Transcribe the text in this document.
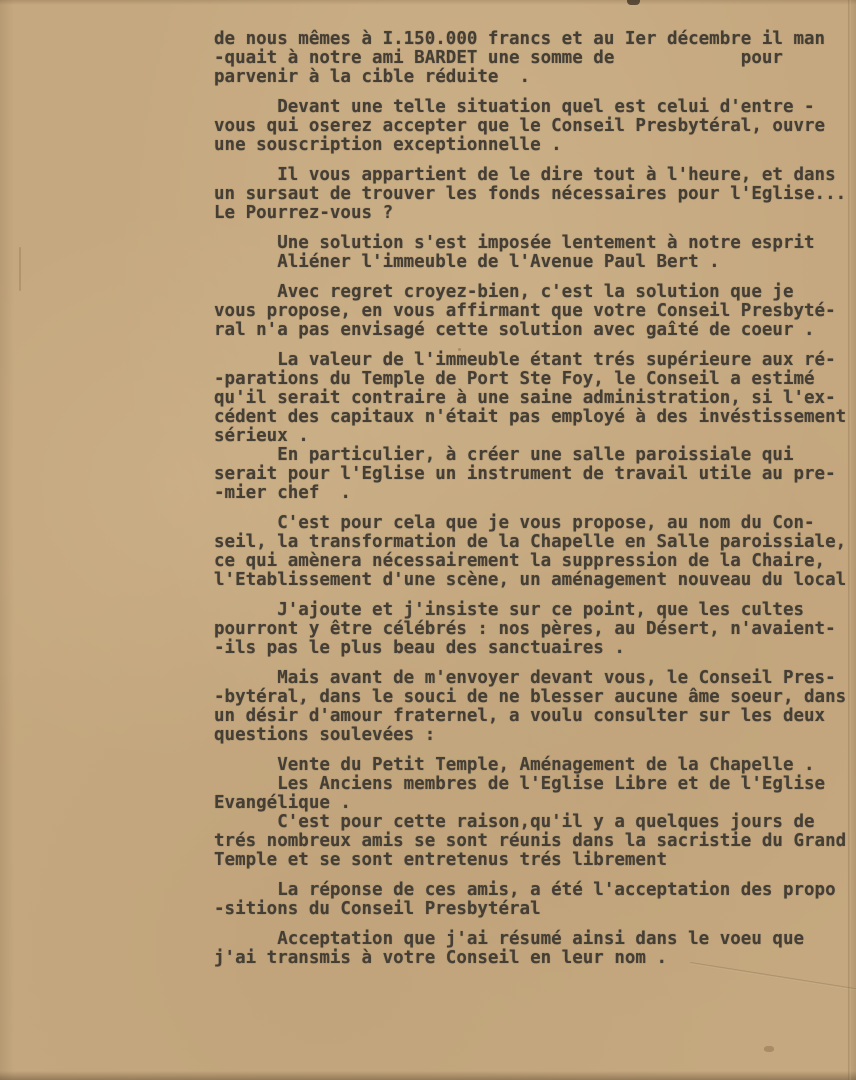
de nous mêmes à I.150.000 francs et au Ier décembre il man
-quait à notre ami BARDET une somme de            pour
parvenir à la cible réduite  .
Devant une telle situation quel est celui d'entre -
vous qui oserez accepter que le Conseil Presbytéral, ouvre
une souscription exceptionnelle .
Il vous appartient de le dire tout à l'heure, et dans
un sursaut de trouver les fonds nécessaires pour l'Eglise...
Le Pourrez-vous ?
Une solution s'est imposée lentement à notre esprit
Aliéner l'immeuble de l'Avenue Paul Bert .
Avec regret croyez-bien, c'est la solution que je
vous propose, en vous affirmant que votre Conseil Presbyté-
ral n'a pas envisagé cette solution avec gaîté de coeur .
La valeur de l'immeuble étant trés supérieure aux ré-
-parations du Temple de Port Ste Foy, le Conseil a estimé
qu'il serait contraire à une saine administration, si l'ex-
cédent des capitaux n'était pas employé à des invéstissement
sérieux .
En particulier, à créer une salle paroissiale qui
serait pour l'Eglise un instrument de travail utile au pre-
-mier chef  .
C'est pour cela que je vous propose, au nom du Con-
seil, la transformation de la Chapelle en Salle paroissiale,
ce qui amènera nécessairement la suppression de la Chaire,
l'Etablissement d'une scène, un aménagement nouveau du local
J'ajoute et j'insiste sur ce point, que les cultes
pourront y être célébrés : nos pères, au Désert, n'avaient-
-ils pas le plus beau des sanctuaires .
Mais avant de m'envoyer devant vous, le Conseil Pres-
-bytéral, dans le souci de ne blesser aucune âme soeur, dans
un désir d'amour fraternel, a voulu consulter sur les deux
questions soulevées :
Vente du Petit Temple, Aménagement de la Chapelle .
Les Anciens membres de l'Eglise Libre et de l'Eglise
Evangélique .
C'est pour cette raison,qu'il y a quelques jours de
trés nombreux amis se sont réunis dans la sacristie du Grand
Temple et se sont entretenus trés librement
La réponse de ces amis, a été l'acceptation des propo
-sitions du Conseil Presbytéral
Acceptation que j'ai résumé ainsi dans le voeu que
j'ai transmis à votre Conseil en leur nom .
